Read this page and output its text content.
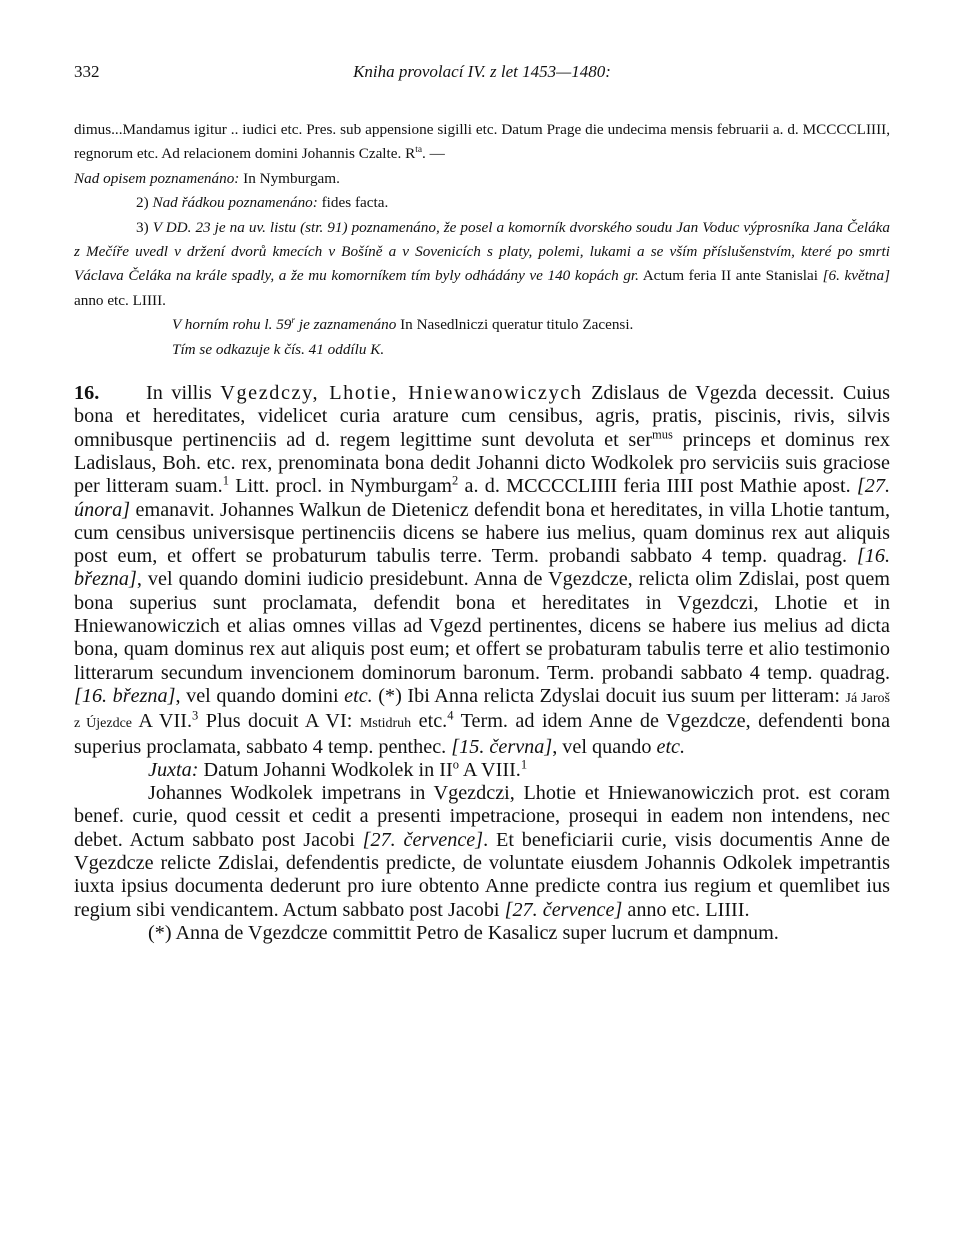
332	Kniha provolací IV. z let 1453—1480:

dimus...Mandamus igitur .. iudici etc. Pres. sub appensione sigilli etc. Datum Prage die undecima mensis februarii a. d. MCCCCLIIII, regnorum etc. Ad relacionem domini Johannis Czalte. $R^{ta}$. —
Nad opisem poznamenáno: In Nymburgam.

2) Nad řádkou poznamenáno: fides facta.

3) V DD. 23 je na uv. listu (str. 91) poznamenáno, že posel a komorník dvorského soudu Jan Voduc výprosníka Jana Čeláka z Mečíře uvedl v držení dvorů kmecích v Bošíně a v Sovenicích s platy, polemi, lukami a se vším příslušenstvím, které po smrti Václava Čeláka na krále spadly, a že mu komorníkem tím byly odhádány ve 140 kopách gr. Actum feria II ante Stanislai [6. května] anno etc. LIIII.

V horním rohu l. 59$^r$ je zaznamenáno In Nasedlniczi queratur titulo Zacensi.

Tím se odkazuje k čís. 41 oddílu K.

16. In villis Vgezdczy, Lhotie, Hniewanowiczych Zdislaus de Vgezda decessit. Cuius bona et hereditates, videlicet curia arature cum censibus, agris, pratis, piscinis, rivis, silvis omnibusque pertinenciis ad d. regem legittime sunt devoluta et ser$^{mus}$ princeps et dominus rex Ladislaus, Boh. etc. rex, prenominata bona dedit Johanni dicto Wodkolek pro serviciis suis graciose per litteram suam.$^1$ Litt. procl. in Nymburgam$^2$ a. d. MCCCCLIIII feria IIII post Mathie apost. [27. února] emanavit. Johannes Walkun de Dietenicz defendit bona et hereditates, in villa Lhotie tantum, cum censibus universisque pertinenciis dicens se habere ius melius, quam dominus rex aut aliquis post eum, et offert se probaturum tabulis terre. Term. probandi sabbato 4 temp. quadrag. [16. března], vel quando domini iudicio presidebunt. Anna de Vgezdcze, relicta olim Zdislai, post quem bona superius sunt proclamata, defendit bona et hereditates in Vgezdczi, Lhotie et in Hniewanowiczich et alias omnes villas ad Vgezd pertinentes, dicens se habere ius melius ad dicta bona, quam dominus rex aut aliquis post eum; et offert se probaturam tabulis terre et alio testimonio litterarum secundum invencionem dominorum baronum. Term. probandi sabbato 4 temp. quadrag. [16. března], vel quando domini etc. (*) Ibi Anna relicta Zdyslai docuit ius suum per litteram: Já Jaroš z Újezdce A VII.$^3$ Plus docuit A VI: Mstidruh etc.$^4$ Term. ad idem Anne de Vgezdcze, defendenti bona superius proclamata, sabbato 4 temp. penthec. [15. června], vel quando etc.

Juxta: Datum Johanni Wodkolek in $II^o$ A VIII.$^1$

Johannes Wodkolek impetrans in Vgezdczi, Lhotie et Hniewanowiczich prot. est coram benef. curie, quod cessit et cedit a presenti impetracione, prosequi in eadem non intendens, nec debet. Actum sabbato post Jacobi [27. července]. Et beneficiarii curie, visis documentis Anne de Vgezdcze relicte Zdislai, defendentis predicte, de voluntate eiusdem Johannis Odkolek impetrantis iuxta ipsius documenta dederunt pro iure obtento Anne predicte contra ius regium et quemlibet ius regium sibi vendicantem. Actum sabbato post Jacobi [27. července] anno etc. LIIII.

(*) Anna de Vgezdcze committit Petro de Kasalicz super lucrum et dampnum.
